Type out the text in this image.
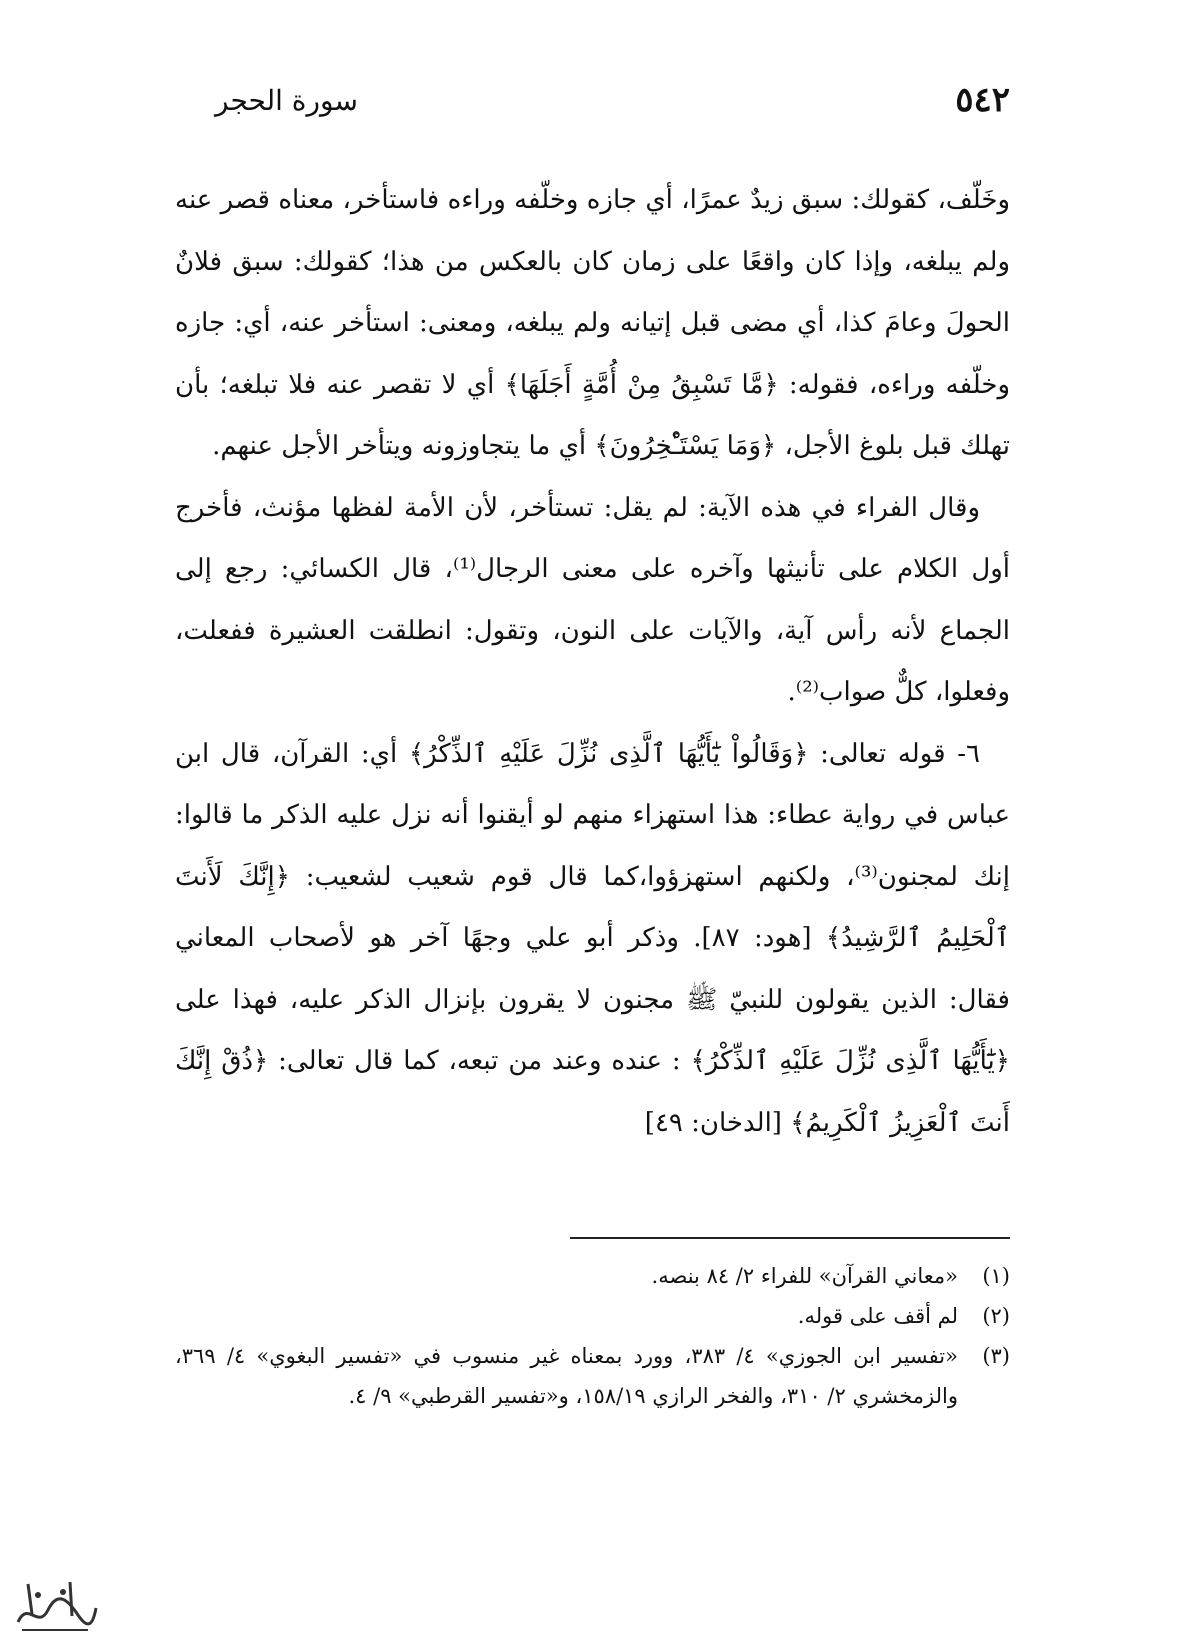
٥٤٢
سورة الحجر

وخَلّف، كقولك: سبق زيدٌ عمرًا، أي جازه وخلّفه وراءه فاستأخر، معناه قصر عنه ولم يبلغه، وإذا كان واقعًا على زمان كان بالعكس من هذا؛ كقولك: سبق فلانٌ الحولَ وعامَ كذا، أي مضى قبل إتيانه ولم يبلغه، ومعنى: استأخر عنه، أي: جازه وخلّفه وراءه، فقوله: ﴿مَّا تَسْبِقُ مِنْ أُمَّةٍ أَجَلَهَا﴾ أي لا تقصر عنه فلا تبلغه؛ بأن تهلك قبل بلوغ الأجل، ﴿وَمَا يَسْتَـْٔخِرُونَ﴾ أي ما يتجاوزونه ويتأخر الأجل عنهم.

وقال الفراء في هذه الآية: لم يقل: تستأخر، لأن الأمة لفظها مؤنث، فأخرج أول الكلام على تأنيثها وآخره على معنى الرجال⁽¹⁾، قال الكسائي: رجع إلى الجماع لأنه رأس آية، والآيات على النون، وتقول: انطلقت العشيرة ففعلت، وفعلوا، كلٌّ صواب⁽²⁾.

٦- قوله تعالى: ﴿وَقَالُواْ يَٰٓأَيُّهَا ٱلَّذِى نُزِّلَ عَلَيْهِ ٱلذِّكْرُ﴾ أي: القرآن، قال ابن عباس في رواية عطاء: هذا استهزاء منهم لو أيقنوا أنه نزل عليه الذكر ما قالوا: إنك لمجنون⁽³⁾، ولكنهم استهزؤوا،كما قال قوم شعيب لشعيب: ﴿إِنَّكَ لَأَنتَ ٱلْحَلِيمُ ٱلرَّشِيدُ﴾ [هود: ٨٧]. وذكر أبو علي وجهًا آخر هو لأصحاب المعاني فقال: الذين يقولون للنبيّ ﷺ مجنون لا يقرون بإنزال الذكر عليه، فهذا على ﴿يَٰٓأَيُّهَا ٱلَّذِى نُزِّلَ عَلَيْهِ ٱلذِّكْرُ﴾ : عنده وعند من تبعه، كما قال تعالى: ﴿ذُقْ إِنَّكَ أَنتَ ٱلْعَزِيزُ ٱلْكَرِيمُ﴾ [الدخان: ٤٩]

(١)
«معاني القرآن» للفراء ٢/ ٨٤ بنصه.
(٢)
لم أقف على قوله.
(٣)
«تفسير ابن الجوزي» ٤/ ٣٨٣، وورد بمعناه غير منسوب في «تفسير البغوي» ٤/ ٣٦٩، والزمخشري ٢/ ٣١٠، والفخر الرازي ١٥٨/١٩، و«تفسير القرطبي» ٩/ ٤.
